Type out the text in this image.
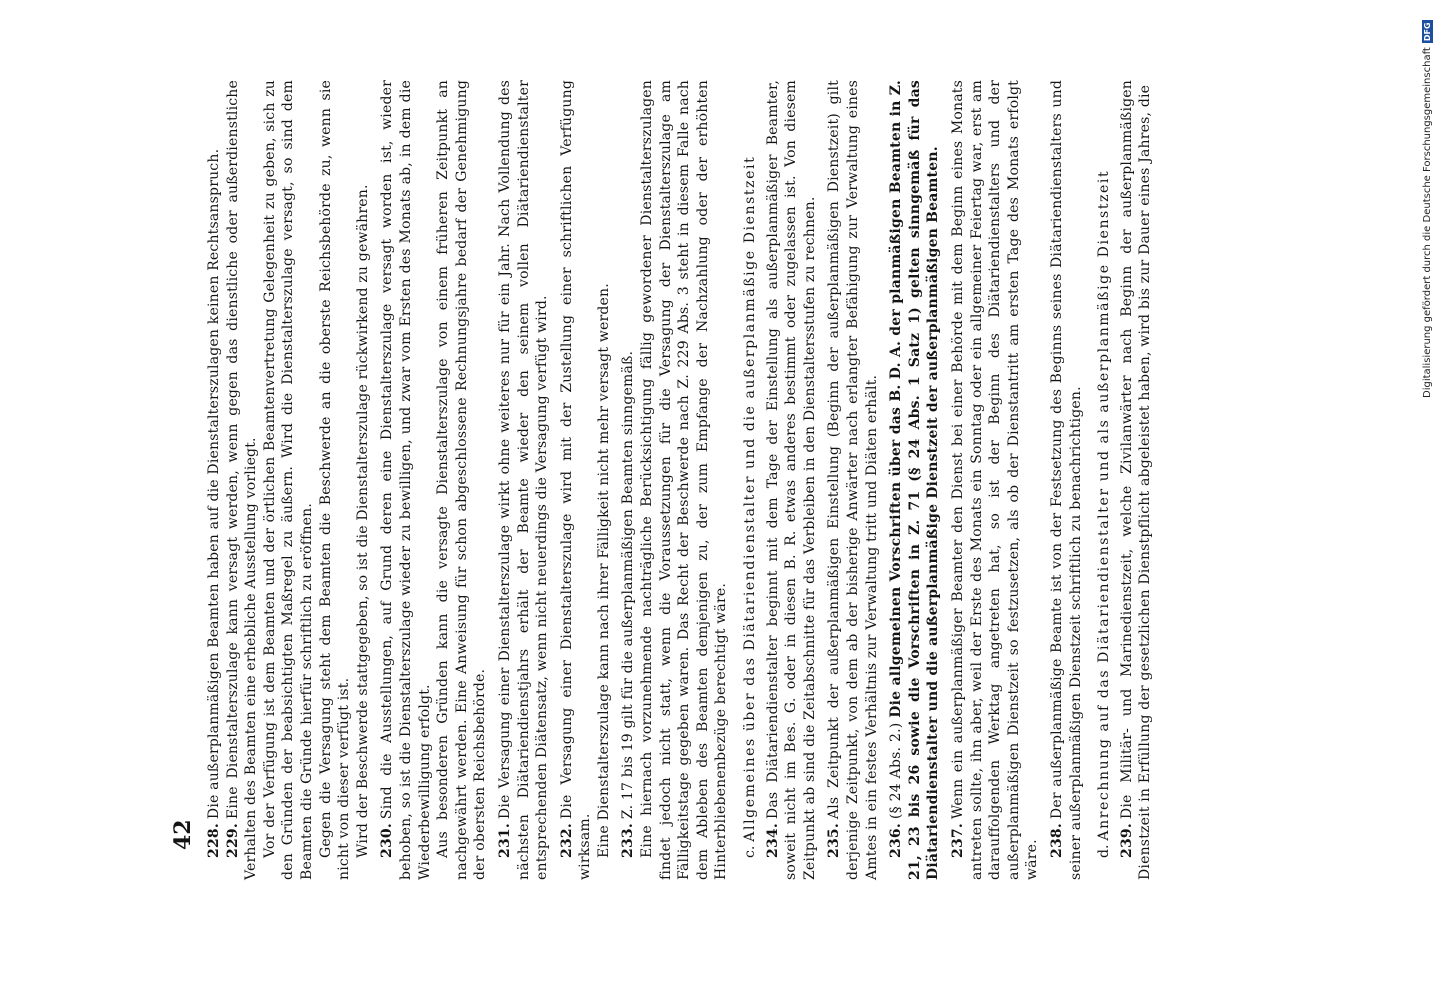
42 228.Die außerplanmäßigen Beamten haben auf die Dienstalterszulagen keinen Rechtsanspruch.

229.Eine Dienstalterszulage kann versagt werden, wenn gegen das dienstliche oder außerdienstliche Verhalten des Beamten eine erhebliche Ausstellung vorliegt. Vor der Verfügung ist dem Beamten und der örtlichen Beamtenvertretung Gelegenheit zu geben, sich zu den Gründen der beabsichtigten Maßregel zu äußern. Wird die Dienstalterszulage versagt, so sind dem Beamten die Gründe hierfür schriftlich zu eröffnen. Gegen die Versagung steht dem Beamten die Beschwerde an die oberste Reichsbehörde zu, wenn sie nicht von dieser verfügt ist. Wird der Beschwerde stattgegeben, so ist die Dienstalterszulage rückwirkend zu gewähren. 230.Sind die Ausstellungen, auf Grund deren eine Dienstalterszulage versagt worden ist, wieder behoben, so ist die Dienstalterszulage wieder zu bewilligen, und zwar vom Ersten des Monats ab, in dem die Wiederbewilligung erfolgt. Aus besonderen Gründen kann die versagte Dienstalterszulage von einem früheren Zeitpunkt an nachgewährt werden. Eine Anweisung für schon abgeschlossene Rechnungsjahre bedarf der Genehmigung der obersten Reichsbehörde. 231.Die Versagung einer Dienstalterszulage wirkt ohne weiteres nur für ein Jahr. Nach Vollendung des nächsten Diätariendienstjahrs erhält der Beamte wieder den seinem vollen Diätariendienstalter entsprechenden Diätensatz, wenn nicht neuerdings die Versagung verfügt wird. 232.Die Versagung einer Dienstalterszulage wird mit der Zustellung einer schriftlichen Verfügung wirksam. Eine Dienstalterszulage kann nach ihrer Fälligkeit nicht mehr versagt werden. 233.Z. 17 bis 19 gilt für die außerplanmäßigen Beamten sinngemäß. Eine hiernach vorzunehmende nachträgliche Berücksichtigung fällig gewordener Dienstalterszulagen findet jedoch nicht statt, wenn die Voraussetzungen für die Versagung der Dienstalterszulage am Fälligkeitstage gegeben waren. Das Recht der Beschwerde nach Z. 229 Abs. 3 steht in diesem Falle nach dem Ableben des Beamten demjenigen zu, der zum Empfange der Nachzahlung oder der erhöhten Hinterbliebenenbezüge berechtigt wäre. c.Allgemeines über das Diätariendienstalter und die außerplanmäßige Dienstzeit 234.Das Diätariendienstalter beginnt mit dem Tage der Einstellung als außerplanmäßiger Beamter, soweit nicht im Bes. G. oder in diesen B. R. etwas anderes bestimmt oder zugelassen ist. Von diesem Zeitpunkt ab sind die Zeitabschnitte für das Verbleiben in den Dienstaltersstufen zu rechnen. 235.Als Zeitpunkt der außerplanmäßigen Einstellung (Beginn der außerplanmäßigen Dienstzeit) gilt derjenige Zeitpunkt, von dem ab der bisherige Anwärter nach erlangter Befähigung zur Verwaltung eines Amtes in ein festes Verhältnis zur Verwaltung tritt und Diäten erhält. 236.(§ 24 Abs. 2.) Die allgemeinen Vorschriften über das B. D. A. der planmäßigen Beamten in Z. 21, 23 bis 26 sowie die Vorschriften in Z. 71 (§ 24 Abs. 1 Satz 1) gelten sinngemäß für das Diätariendienstalter und die außerplanmäßige Dienstzeit der außerplanmäßigen Beamten. 237.Wenn ein außerplanmäßiger Beamter den Dienst bei einer Behörde mit dem Beginn eines Monats antreten sollte, ihn aber, weil der Erste des Monats ein Sonntag oder ein allgemeiner Feiertag war, erst am darauffolgenden Werktag angetreten hat, so ist der Beginn des Diätariendienstalters und der außerplanmäßigen Dienstzeit so festzusetzen, als ob der Dienstantritt am ersten Tage des Monats erfolgt wäre. 238.Der außerplanmäßige Beamte ist von der Festsetzung des Beginns seines Diätariendienstalters und seiner außerplanmäßigen Dienstzeit schriftlich zu benachrichtigen. d.Anrechnung auf das Diätariendienstalter und als außerplanmäßige Dienstzeit 239.Die Militär- und Marinedienstzeit, welche Zivilanwärter nach Beginn der außerplanmäßigen Dienstzeit in Erfüllung der gesetzlichen Dienstpflicht abgeleistet haben, wird bis zur Dauer eines Jahres, die	Digitalisierung gefördert durch die Deutsche Forschungsgemeinschaft
DFG
